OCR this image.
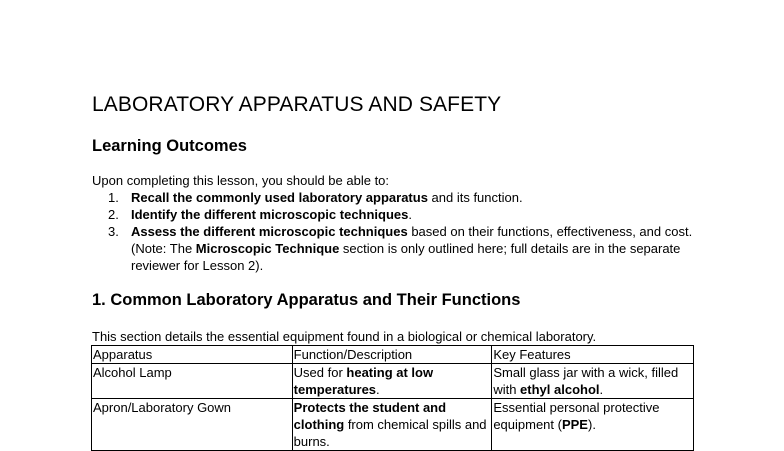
LABORATORY APPARATUS AND SAFETY
Learning Outcomes
Upon completing this lesson, you should be able to:
1. Recall the commonly used laboratory apparatus and its function.
2. Identify the different microscopic techniques.
3. Assess the different microscopic techniques based on their functions, effectiveness, and cost. (Note: The Microscopic Technique section is only outlined here; full details are in the separate reviewer for Lesson 2).
1. Common Laboratory Apparatus and Their Functions
This section details the essential equipment found in a biological or chemical laboratory.
Apparatus	Function/Description	Key Features
Alcohol Lamp	Used for heating at low temperatures.	Small glass jar with a wick, filled with ethyl alcohol.
Apron/Laboratory Gown	Protects the student and clothing from chemical spills and burns.	Essential personal protective equipment (PPE).
